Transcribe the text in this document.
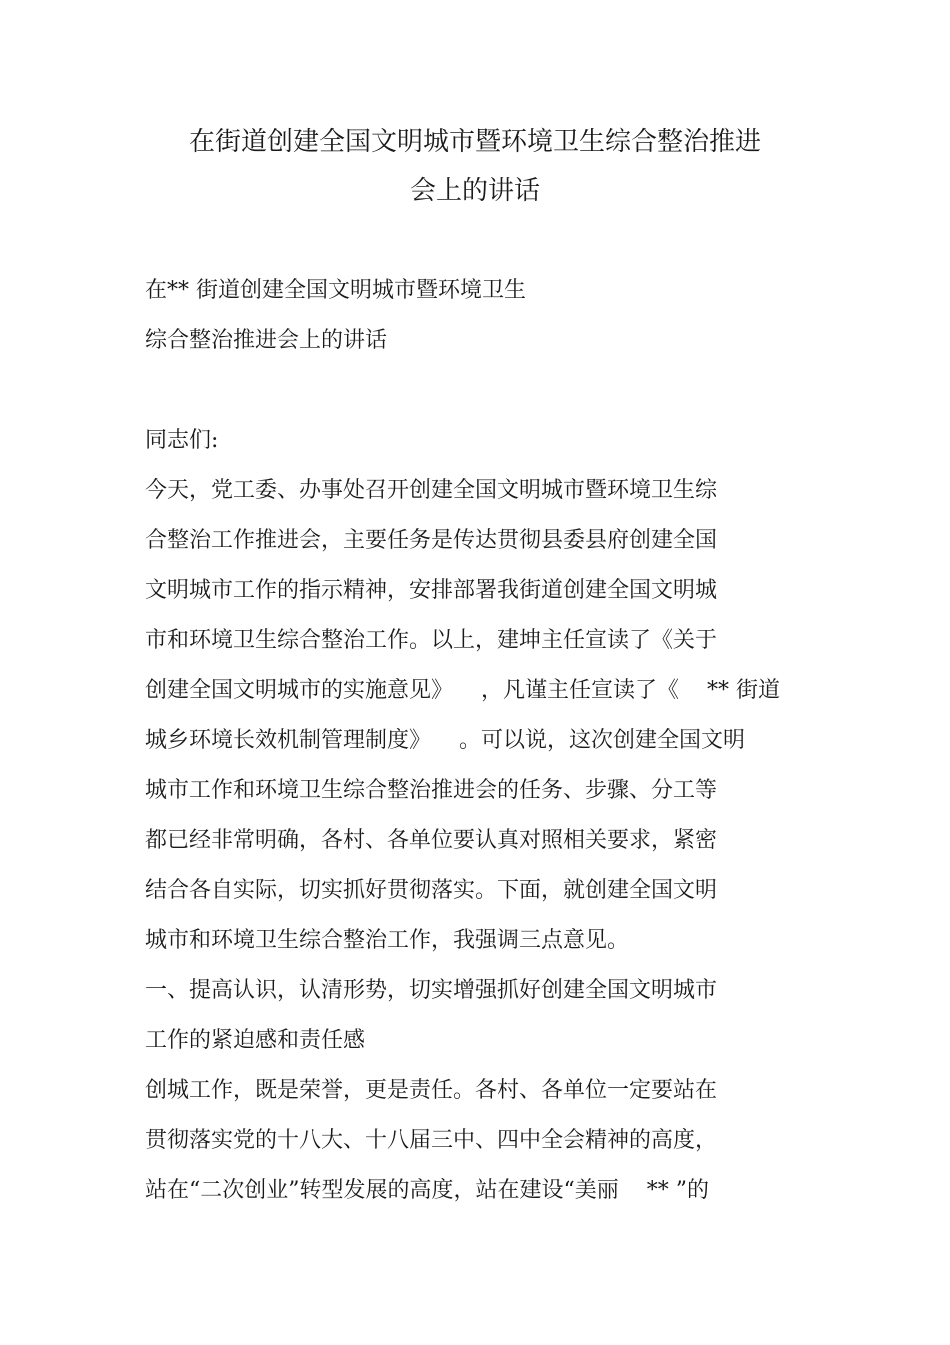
在街道创建全国文明城市暨环境卫生综合整治推进
会上的讲话
在** 街道创建全国文明城市暨环境卫生
综合整治推进会上的讲话
同志们:
今天，党工委、办事处召开创建全国文明城市暨环境卫生综
合整治工作推进会，主要任务是传达贯彻县委县府创建全国
文明城市工作的指示精神，安排部署我街道创建全国文明城
市和环境卫生综合整治工作。以上，建坤主任宣读了《关于
创建全国文明城市的实施意见》    ，凡谨主任宣读了《    ** 街道
城乡环境长效机制管理制度》    。可以说，这次创建全国文明
城市工作和环境卫生综合整治推进会的任务、步骤、分工等
都已经非常明确，各村、各单位要认真对照相关要求，紧密
结合各自实际，切实抓好贯彻落实。下面，就创建全国文明
城市和环境卫生综合整治工作，我强调三点意见。
一、提高认识，认清形势，切实增强抓好创建全国文明城市
工作的紧迫感和责任感
创城工作，既是荣誉，更是责任。各村、各单位一定要站在
贯彻落实党的十八大、十八届三中、四中全会精神的高度，
站在“二次创业”转型发展的高度，站在建设“美丽    ** ”的
